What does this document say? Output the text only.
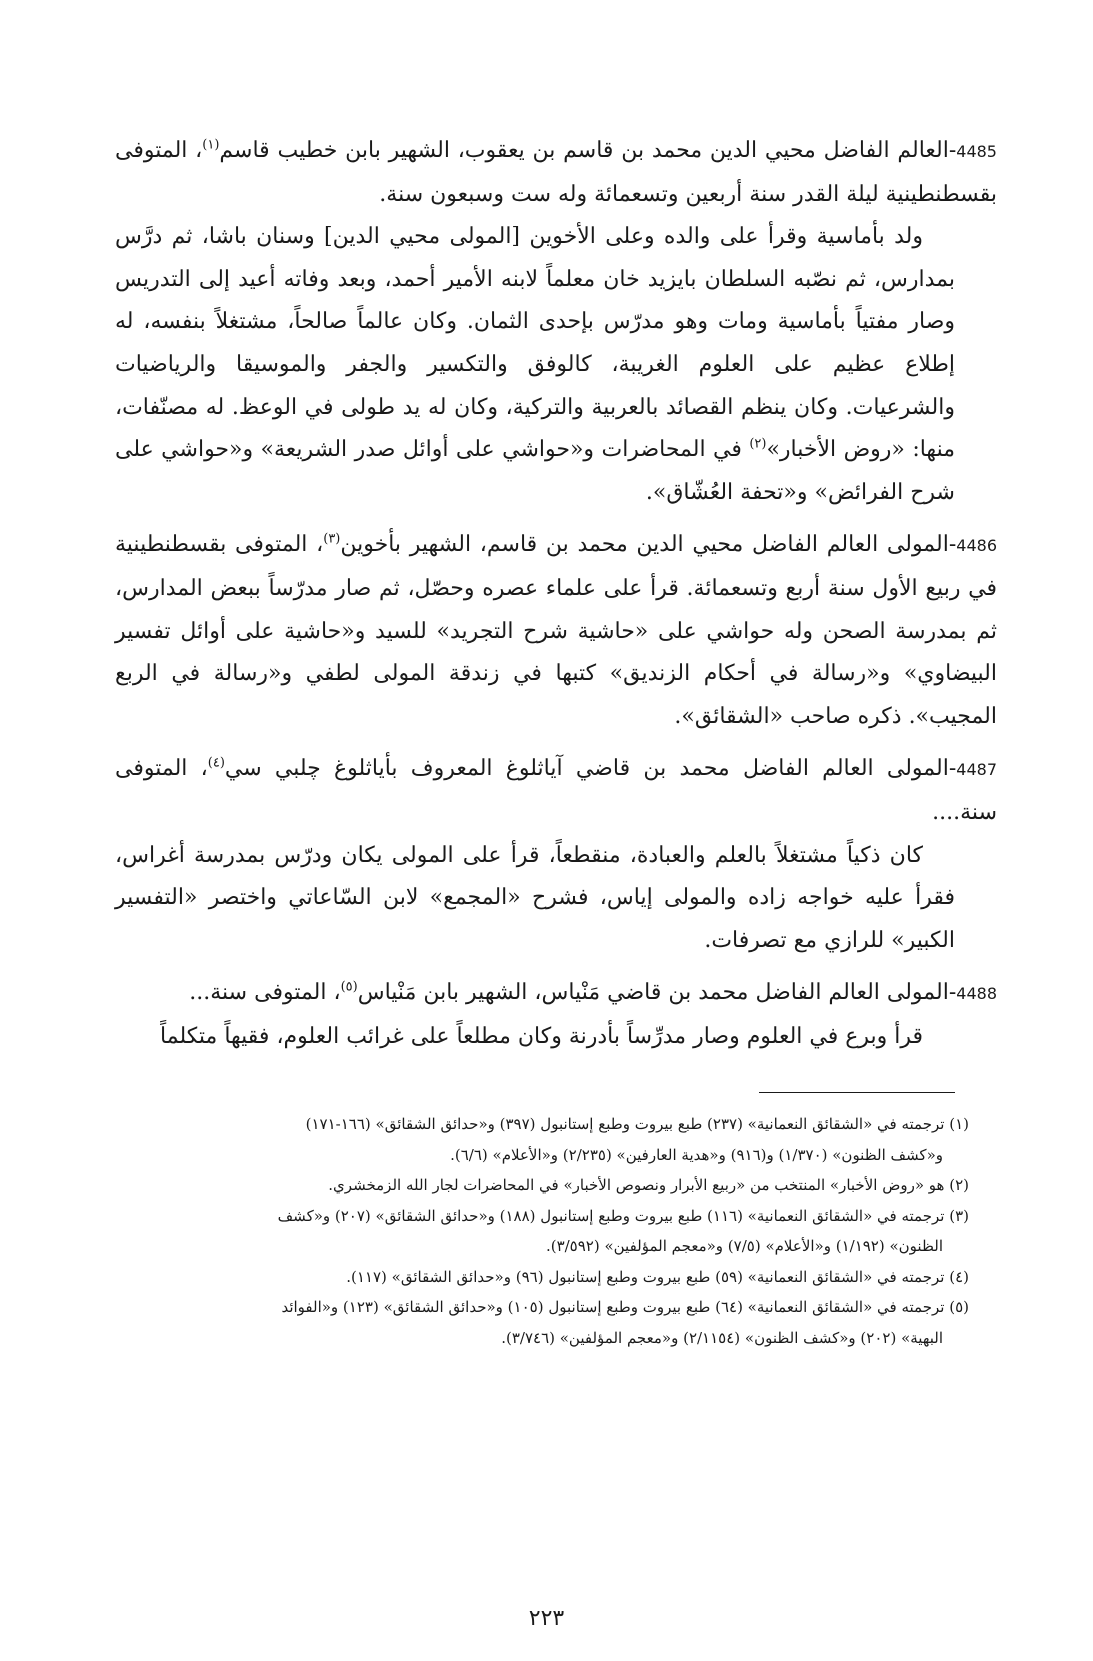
4485-العالم الفاضل محيي الدين محمد بن قاسم بن يعقوب، الشهير بابن خطيب قاسم$^{(١)}$، المتوفى بقسطنطينية ليلة القدر سنة أربعين وتسعمائة وله ست وسبعون سنة.

ولد بأماسية وقرأ على والده وعلى الأخوين [المولى محيي الدين] وسنان باشا، ثم درَّس بمدارس، ثم نصّبه السلطان بايزيد خان معلماً لابنه الأمير أحمد، وبعد وفاته أعيد إلى التدريس وصار مفتياً بأماسية ومات وهو مدرّس بإحدى الثمان. وكان عالماً صالحاً، مشتغلاً بنفسه، له إطلاع عظيم على العلوم الغريبة، كالوفق والتكسير والجفر والموسيقا والرياضيات والشرعيات. وكان ينظم القصائد بالعربية والتركية، وكان له يد طولى في الوعظ. له مصنّفات، منها: «روض الأخبار»$^{(٢)}$ في المحاضرات و«حواشي على أوائل صدر الشريعة» و«حواشي على شرح الفرائض» و«تحفة العُشّاق».

4486-المولى العالم الفاضل محيي الدين محمد بن قاسم، الشهير بأخوين$^{(٣)}$، المتوفى بقسطنطينية في ربيع الأول سنة أربع وتسعمائة. قرأ على علماء عصره وحصّل، ثم صار مدرّساً ببعض المدارس، ثم بمدرسة الصحن وله حواشي على «حاشية شرح التجريد» للسيد و«حاشية على أوائل تفسير البيضاوي» و«رسالة في أحكام الزنديق» كتبها في زندقة المولى لطفي و«رسالة في الربع المجيب». ذكره صاحب «الشقائق».

4487-المولى العالم الفاضل محمد بن قاضي آياثلوغ المعروف بأياثلوغ چلبي سي$^{(٤)}$، المتوفى سنة....

كان ذكياً مشتغلاً بالعلم والعبادة، منقطعاً، قرأ على المولى يكان ودرّس بمدرسة أغراس، فقرأ عليه خواجه زاده والمولى إياس، فشرح «المجمع» لابن السّاعاتي واختصر «التفسير الكبير» للرازي مع تصرفات.

4488-المولى العالم الفاضل محمد بن قاضي مَنْياس، الشهير بابن مَنْياس$^{(٥)}$، المتوفى سنة...

قرأ وبرع في العلوم وصار مدرِّساً بأدرنة وكان مطلعاً على غرائب العلوم، فقيهاً متكلماً

(١) ترجمته في «الشقائق النعمانية» (٢٣٧) طبع بيروت وطبع إستانبول (٣٩٧) و«حدائق الشقائق» (١٦٦-١٧١)

و«كشف الظنون» (١/٣٧٠) و(٩١٦) و«هدية العارفين» (٢/٢٣٥) و«الأعلام» (٦/٦).

(٢) هو «روض الأخبار» المنتخب من «ربيع الأبرار ونصوص الأخبار» في المحاضرات لجار الله الزمخشري.

(٣) ترجمته في «الشقائق النعمانية» (١١٦) طبع بيروت وطبع إستانبول (١٨٨) و«حدائق الشقائق» (٢٠٧) و«كشف

الظنون» (١/١٩٢) و«الأعلام» (٧/٥) و«معجم المؤلفين» (٣/٥٩٢).

(٤) ترجمته في «الشقائق النعمانية» (٥٩) طبع بيروت وطبع إستانبول (٩٦) و«حدائق الشقائق» (١١٧).

(٥) ترجمته في «الشقائق النعمانية» (٦٤) طبع بيروت وطبع إستانبول (١٠٥) و«حدائق الشقائق» (١٢٣) و«الفوائد

البهية» (٢٠٢) و«كشف الظنون» (٢/١١٥٤) و«معجم المؤلفين» (٣/٧٤٦).

٢٢٣
